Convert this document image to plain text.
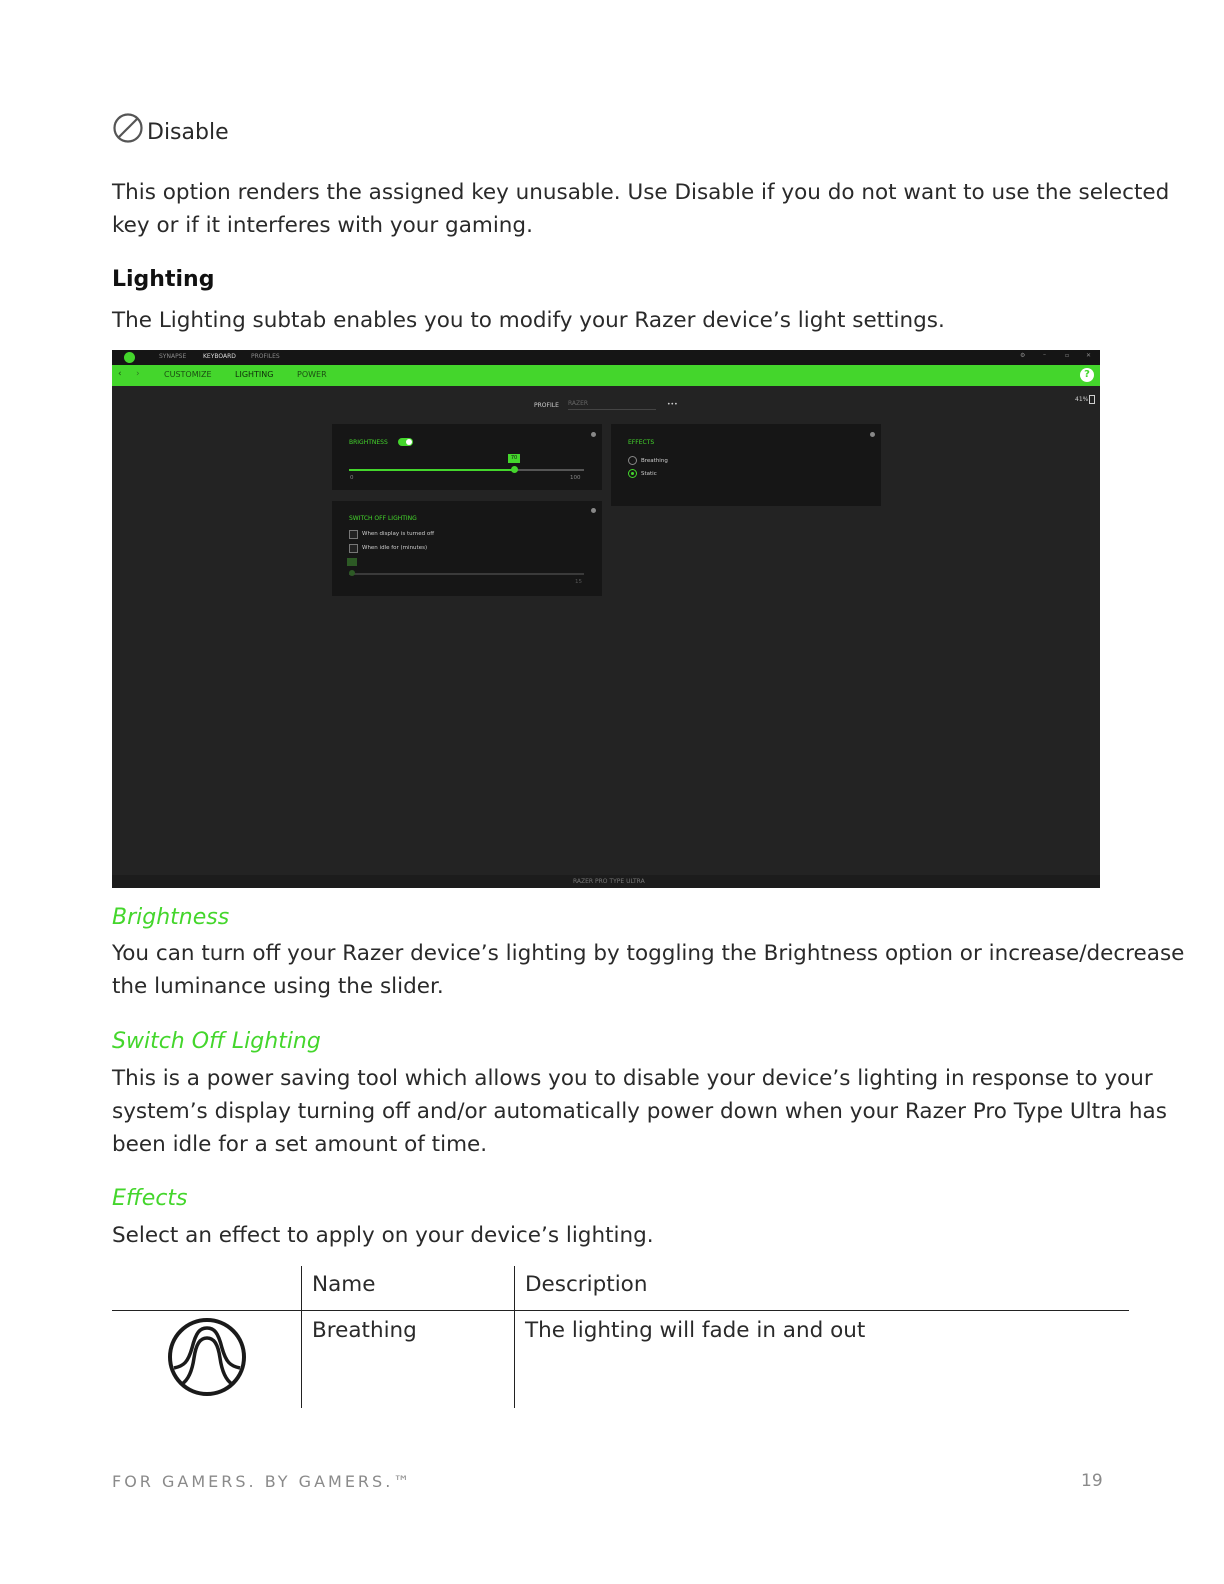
Disable
This option renders the assigned key unusable. Use Disable if you do not want to use the selected
key or if it interferes with your gaming.
Lighting
The Lighting subtab enables you to modify your Razer device’s light settings.
SYNAPSE	KEYBOARD	PROFILES	⚙	–	▫	✕
‹ ›	CUSTOMIZE	LIGHTING	POWER	?
PROFILE RAZER	•••
41%
BRIGHTNESS
70
0	100
SWITCH OFF LIGHTING
When display is turned off
When idle for (minutes)
15
EFFECTS
Breathing
Static
RAZER PRO TYPE ULTRA
Brightness
You can turn off your Razer device’s lighting by toggling the Brightness option or increase/decrease
the luminance using the slider.
Switch Off Lighting
This is a power saving tool which allows you to disable your device’s lighting in response to your
system’s display turning off and/or automatically power down when your Razer Pro Type Ultra has
been idle for a set amount of time.
Effects
Select an effect to apply on your device’s lighting.
Name	Description
Breathing	The lighting will fade in and out
FOR GAMERS. BY GAMERS.™	19
